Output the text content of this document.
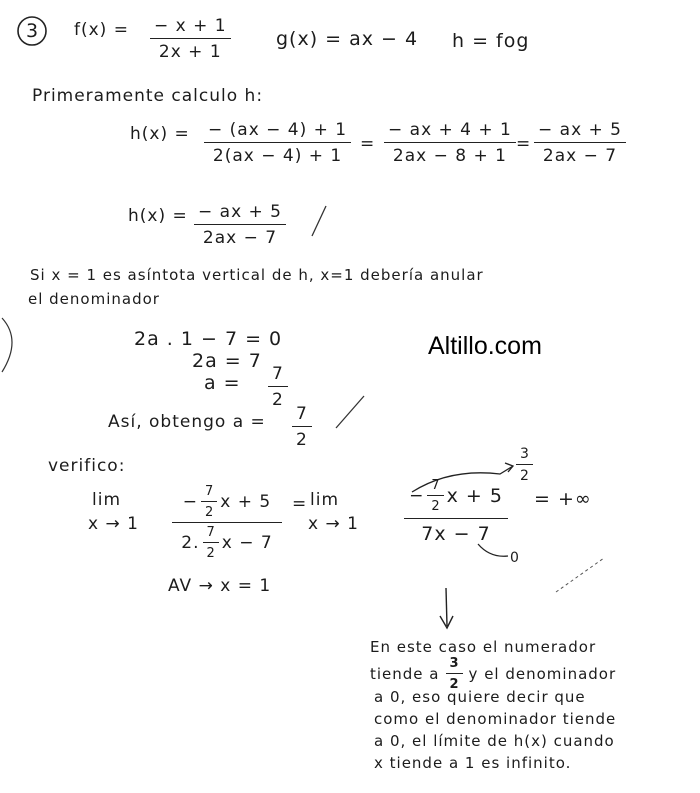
3 f(x) = − x + 1
2x + 1
g(x) = ax − 4 h = fog
Primeramente calculo h:
h(x) = − (ax − 4) + 1
2(ax − 4) + 1
=
− ax + 4 + 1
2ax − 8 + 1
=
− ax + 5
2ax − 7
h(x) = − ax + 5
2ax − 7
Si x = 1 es asíntota vertical de h, x=1 debería anular
el denominador
2a . 1 − 7 = 0
2a = 7
a = 7
2
Así, obtengo a = 7
2
Altillo.com
verifico:
lim
x → 1
− $\frac{7}{2}$ x + 5
2. $\frac{7}{2}$ x − 7
= lim
x → 1
− $\frac{7}{2}$ x + 5
7x − 7
3
2
0
= +∞
AV → x = 1
En este caso el numerador
tiende a $\frac{3}{2}$ y el denominador
a 0, eso quiere decir que
como el denominador tiende
a 0, el límite de h(x) cuando
x tiende a 1 es infinito.
